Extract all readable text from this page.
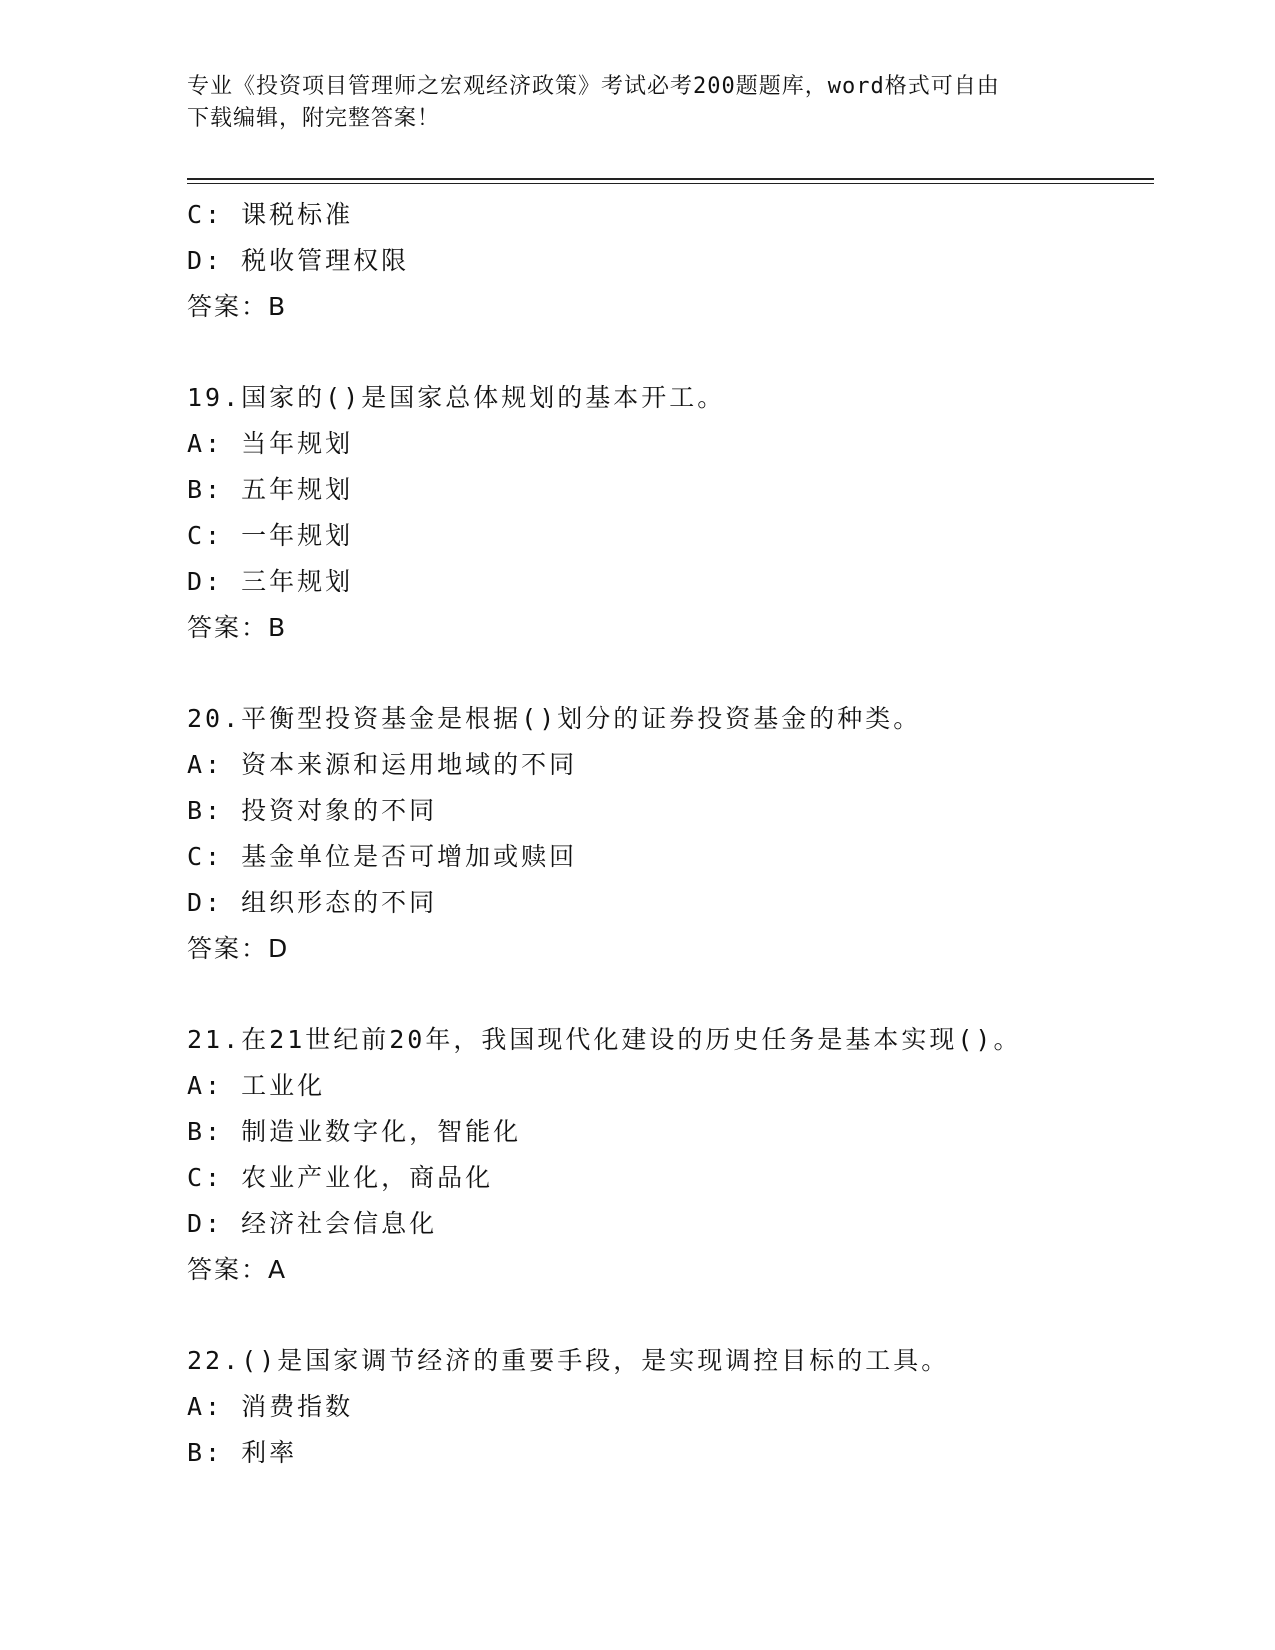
专业《投资项目管理师之宏观经济政策》考试必考200题题库，word格式可自由
下载编辑，附完整答案！
C: 课税标准
D: 税收管理权限
答案：B
19.国家的()是国家总体规划的基本开工。
A: 当年规划
B: 五年规划
C: 一年规划
D: 三年规划
答案：B
20.平衡型投资基金是根据()划分的证券投资基金的种类。
A: 资本来源和运用地域的不同
B: 投资对象的不同
C: 基金单位是否可增加或赎回
D: 组织形态的不同
答案：D
21.在21世纪前20年，我国现代化建设的历史任务是基本实现()。
A: 工业化
B: 制造业数字化，智能化
C: 农业产业化，商品化
D: 经济社会信息化
答案：A
22.()是国家调节经济的重要手段，是实现调控目标的工具。
A: 消费指数
B: 利率
